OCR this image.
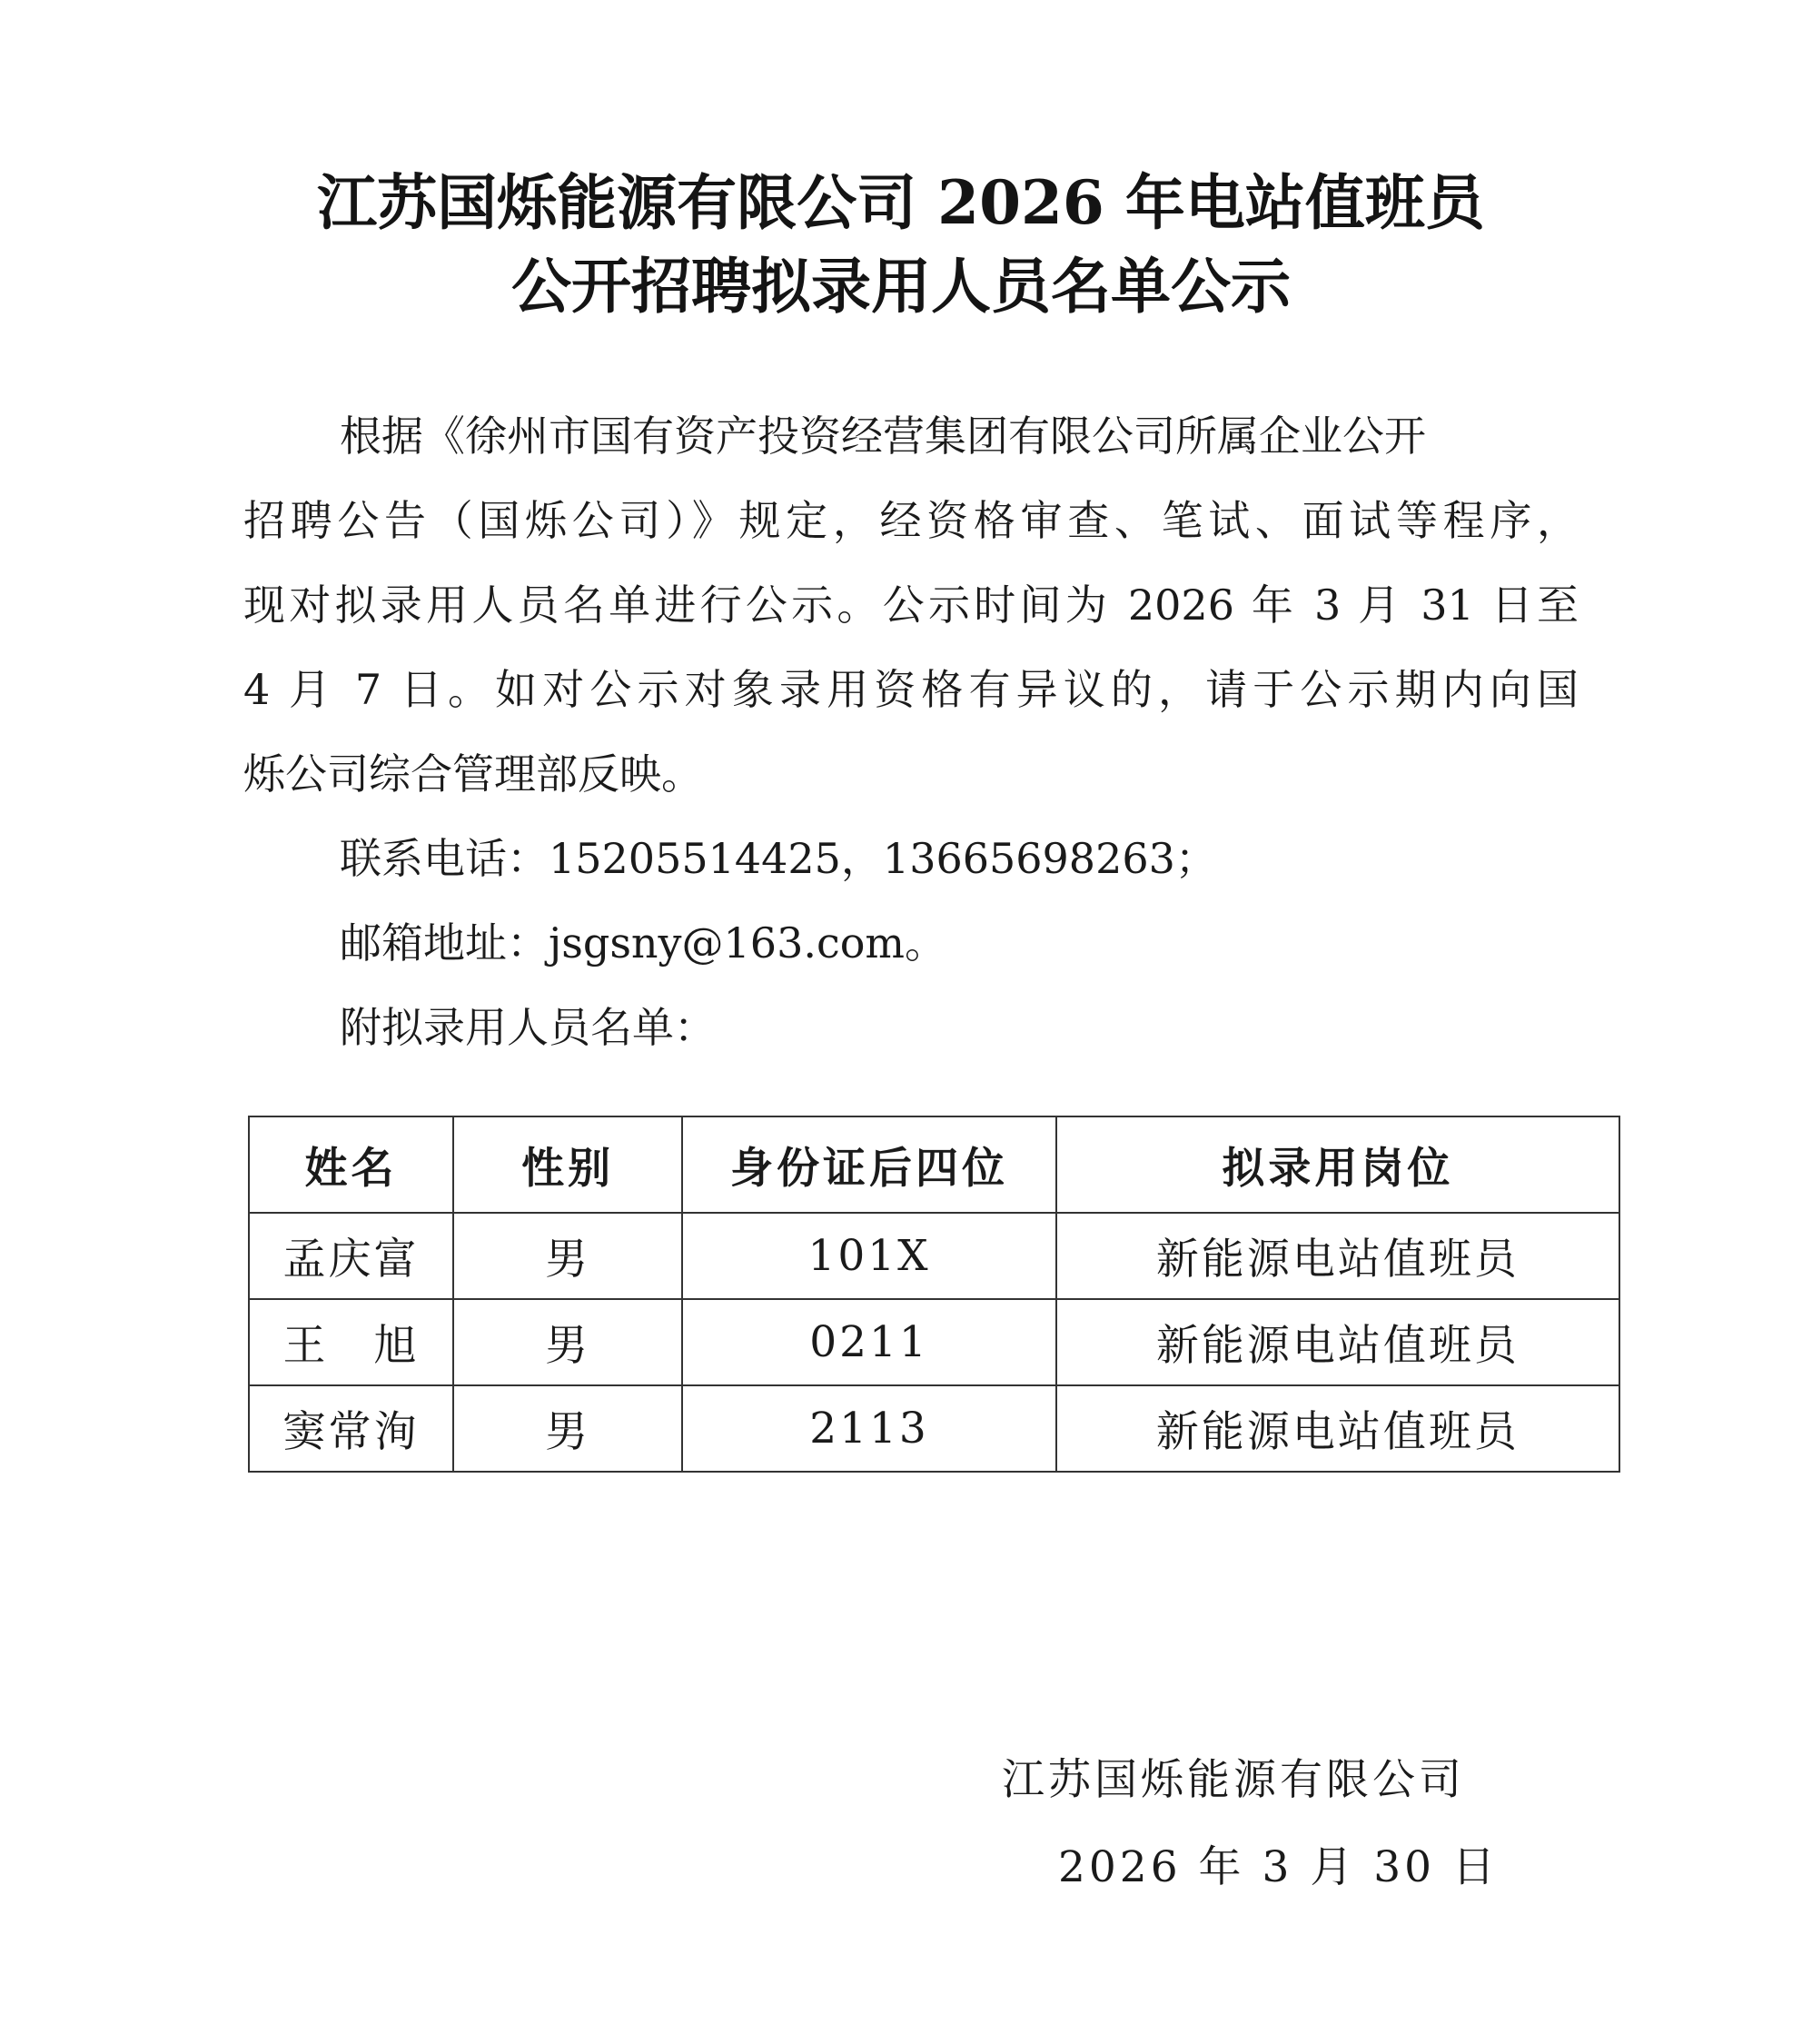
江苏国烁能源有限公司 2026 年电站值班员
公开招聘拟录用人员名单公示
根据《徐州市国有资产投资经营集团有限公司所属企业公开
招聘公告（国烁公司）》规定，经资格审查、笔试、面试等程序，
现对拟录用人员名单进行公示。公示时间为 2026 年 3 月 31 日至
4 月 7 日。如对公示对象录用资格有异议的，请于公示期内向国
烁公司综合管理部反映。
联系电话：15205514425，13665698263；
邮箱地址：jsgsny@163.com。
附拟录用人员名单：
姓名	性别	身份证后四位	拟录用岗位
孟庆富	男	101X	新能源电站值班员
王　旭	男	0211	新能源电站值班员
窦常洵	男	2113	新能源电站值班员
江苏国烁能源有限公司
2026 年 3 月 30 日
